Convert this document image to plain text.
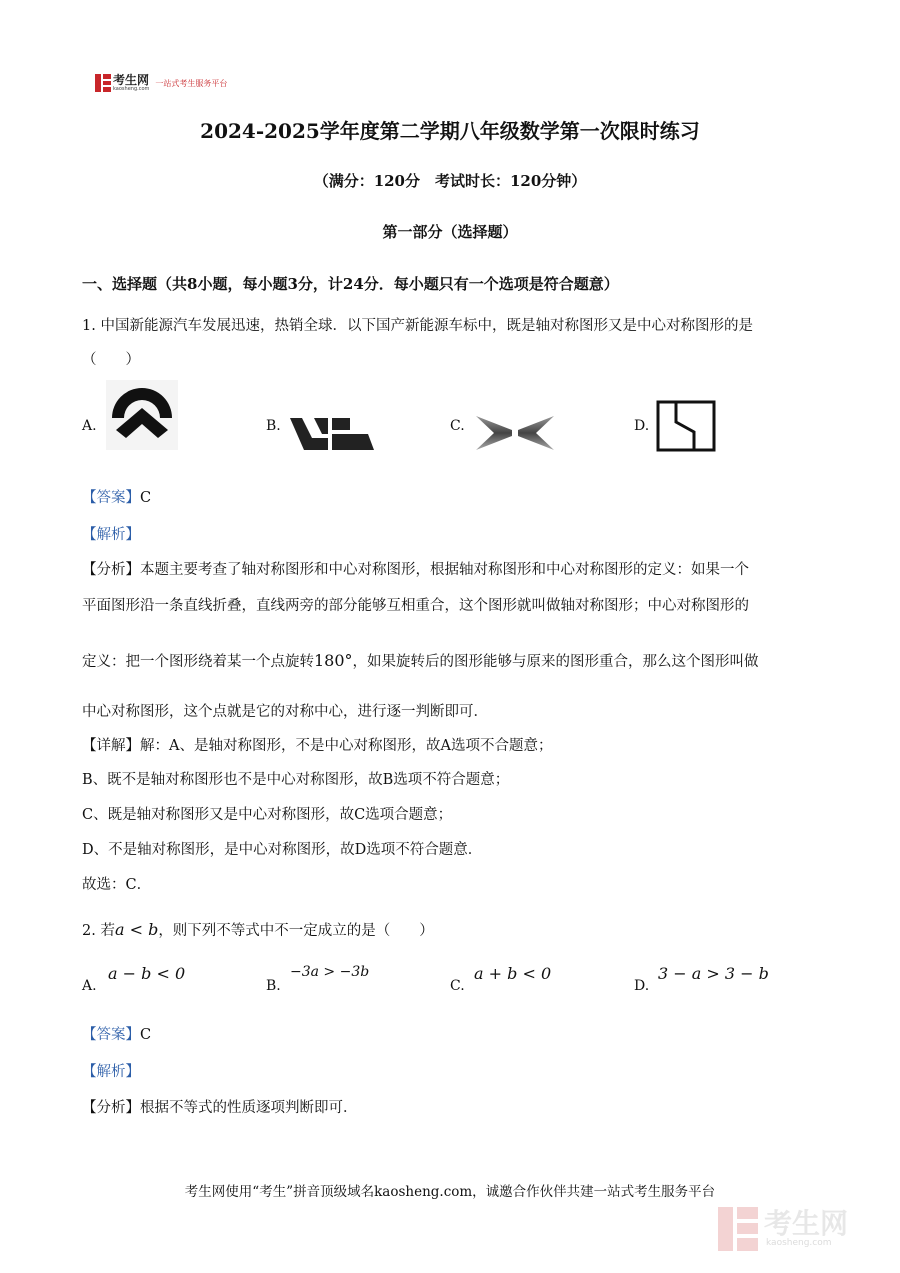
考生网
kaosheng.com
一站式考生服务平台
2024-2025学年度第二学期八年级数学第一次限时练习
（满分：120分　考试时长：120分钟）
第一部分（选择题）
一、选择题（共8小题，每小题3分，计24分．每小题只有一个选项是符合题意）
1. 中国新能源汽车发展迅速，热销全球．以下国产新能源车标中，既是轴对称图形又是中心对称图形的是
（　　）
A.	B.	C.	D.
【答案】C
【解析】
【分析】本题主要考查了轴对称图形和中心对称图形，根据轴对称图形和中心对称图形的定义：如果一个
平面图形沿一条直线折叠，直线两旁的部分能够互相重合，这个图形就叫做轴对称图形；中心对称图形的
定义：把一个图形绕着某一个点旋转180°，如果旋转后的图形能够与原来的图形重合，那么这个图形叫做
中心对称图形，这个点就是它的对称中心，进行逐一判断即可．
【详解】解：A、是轴对称图形，不是中心对称图形，故A选项不合题意；
B、既不是轴对称图形也不是中心对称图形，故B选项不符合题意；
C、既是轴对称图形又是中心对称图形，故C选项合题意；
D、不是轴对称图形，是中心对称图形，故D选项不符合题意．
故选：C．
2. 若a < b，则下列不等式中不一定成立的是（　　）
A.
a − b < 0
B.
−3a > −3b
C.
a + b < 0
D.
3 − a > 3 − b
【答案】C
【解析】
【分析】根据不等式的性质逐项判断即可．
考生网使用“考生”拼音顶级域名kaosheng.com，诚邀合作伙伴共建一站式考生服务平台
考生网
kaosheng.com
